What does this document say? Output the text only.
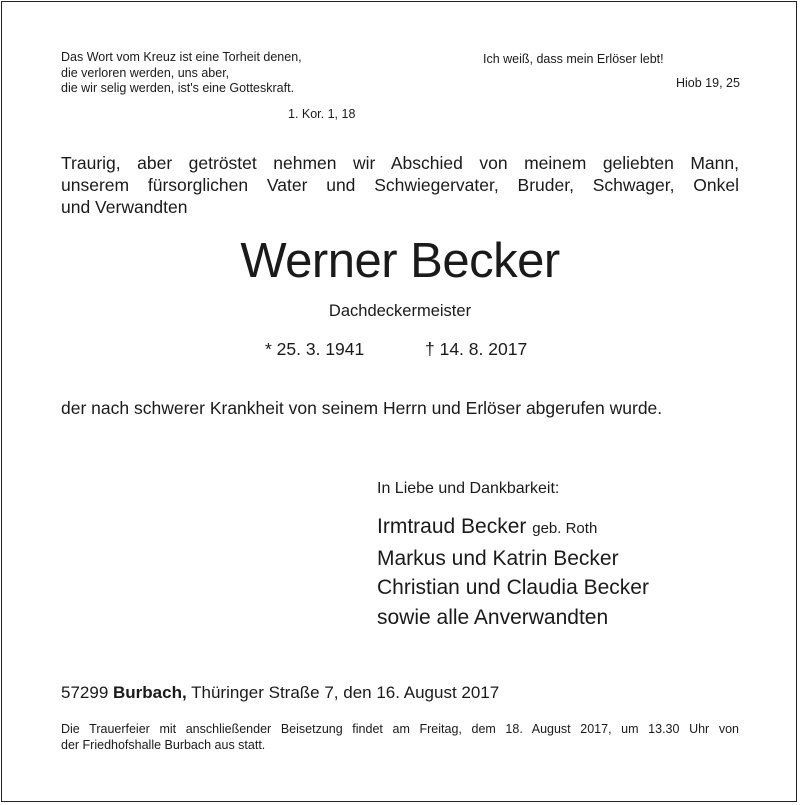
Das Wort vom Kreuz ist eine Torheit denen,
die verloren werden, uns aber,
die wir selig werden, ist's eine Gotteskraft.
1. Kor. 1, 18
Ich weiß, dass mein Erlöser lebt!
Hiob 19, 25
Traurig, aber getröstet nehmen wir Abschied von meinem geliebten Mann,
unserem fürsorglichen Vater und Schwiegervater, Bruder, Schwager, Onkel
und Verwandten
Werner Becker
Dachdeckermeister
* 25. 3. 1941	† 14. 8. 2017
der nach schwerer Krankheit von seinem Herrn und Erlöser abgerufen wurde.
In Liebe und Dankbarkeit:
Irmtraud Becker geb. Roth
Markus und Katrin Becker
Christian und Claudia Becker
sowie alle Anverwandten
57299 Burbach, Thüringer Straße 7, den 16. August 2017
Die Trauerfeier mit anschließender Beisetzung findet am Freitag, dem 18. August 2017, um 13.30 Uhr von
der Friedhofshalle Burbach aus statt.
